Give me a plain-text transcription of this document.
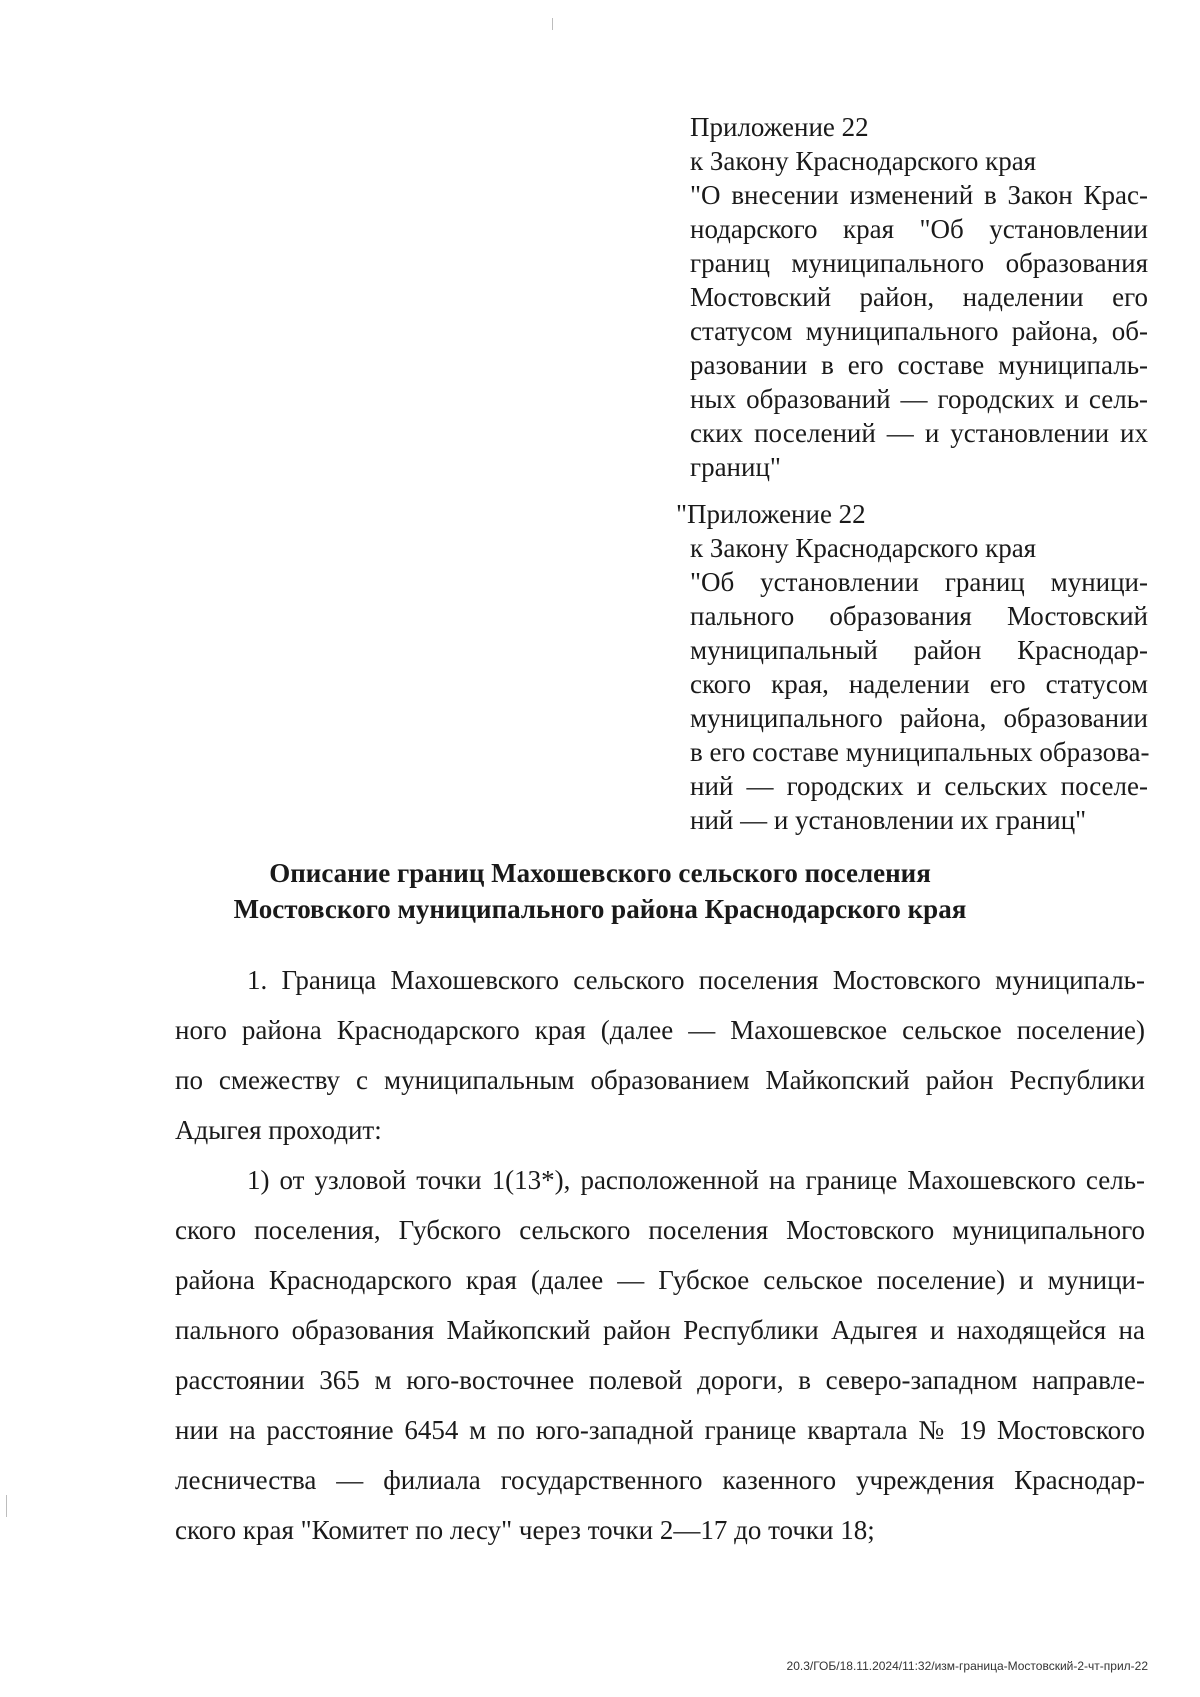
Приложение 22
к Закону Краснодарского края
"О внесении изменений в Закон Крас-
нодарского края "Об установлении
границ муниципального образования
Мостовский район, наделении его
статусом муниципального района, об-
разовании в его составе муниципаль-
ных образований — городских и сель-
ских поселений — и установлении их
границ"
"Приложение 22
к Закону Краснодарского края
"Об установлении границ муници-
пального образования Мостовский
муниципальный район Краснодар-
ского края, наделении его статусом
муниципального района, образовании
в его составе муниципальных образова-
ний — городских и сельских поселе-
ний — и установлении их границ"
Описание границ Махошевского сельского поселения
Мостовского муниципального района Краснодарского края
1. Граница Махошевского сельского поселения Мостовского муниципаль-
ного района Краснодарского края (далее — Махошевское сельское поселение)
по смежеству с муниципальным образованием Майкопский район Республики
Адыгея проходит:
1) от узловой точки 1(13*), расположенной на границе Махошевского сель-
ского поселения, Губского сельского поселения Мостовского муниципального
района Краснодарского края (далее — Губское сельское поселение) и муници-
пального образования Майкопский район Республики Адыгея и находящейся на
расстоянии 365 м юго-восточнее полевой дороги, в северо-западном направле-
нии на расстояние 6454 м по юго-западной границе квартала № 19 Мостовского
лесничества — филиала государственного казенного учреждения Краснодар-
ского края "Комитет по лесу" через точки 2—17 до точки 18;
20.3/ГОБ/18.11.2024/11:32/изм-граница-Мостовский-2-чт-прил-22
